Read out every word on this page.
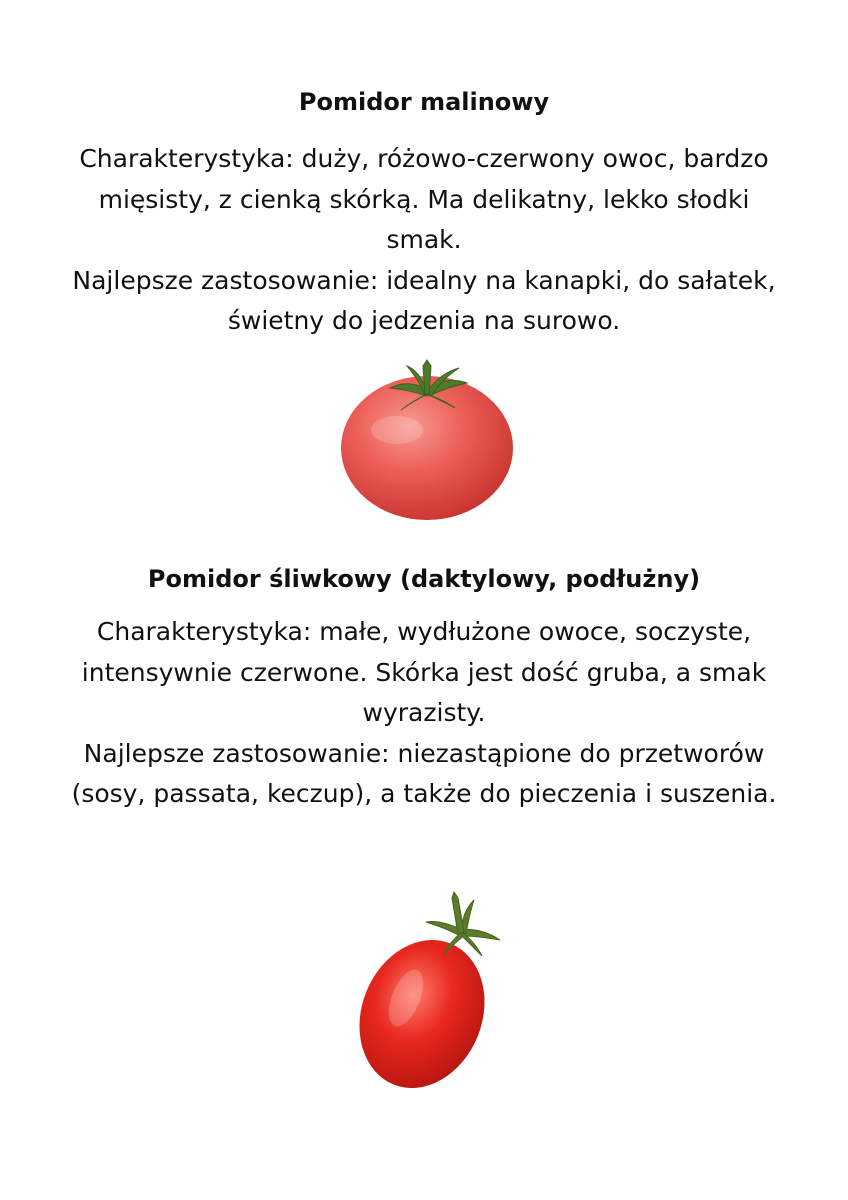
Pomidor malinowy

Charakterystyka: duży, różowo-czerwony owoc, bardzo mięsisty, z cienką skórką. Ma delikatny, lekko słodki smak.
Najlepsze zastosowanie: idealny na kanapki, do sałatek, świetny do jedzenia na surowo.

Pomidor śliwkowy (daktylowy, podłużny)

Charakterystyka: małe, wydłużone owoce, soczyste, intensywnie czerwone. Skórka jest dość gruba, a smak wyrazisty.
Najlepsze zastosowanie: niezastąpione do przetworów (sosy, passata, keczup), a także do pieczenia i suszenia.
